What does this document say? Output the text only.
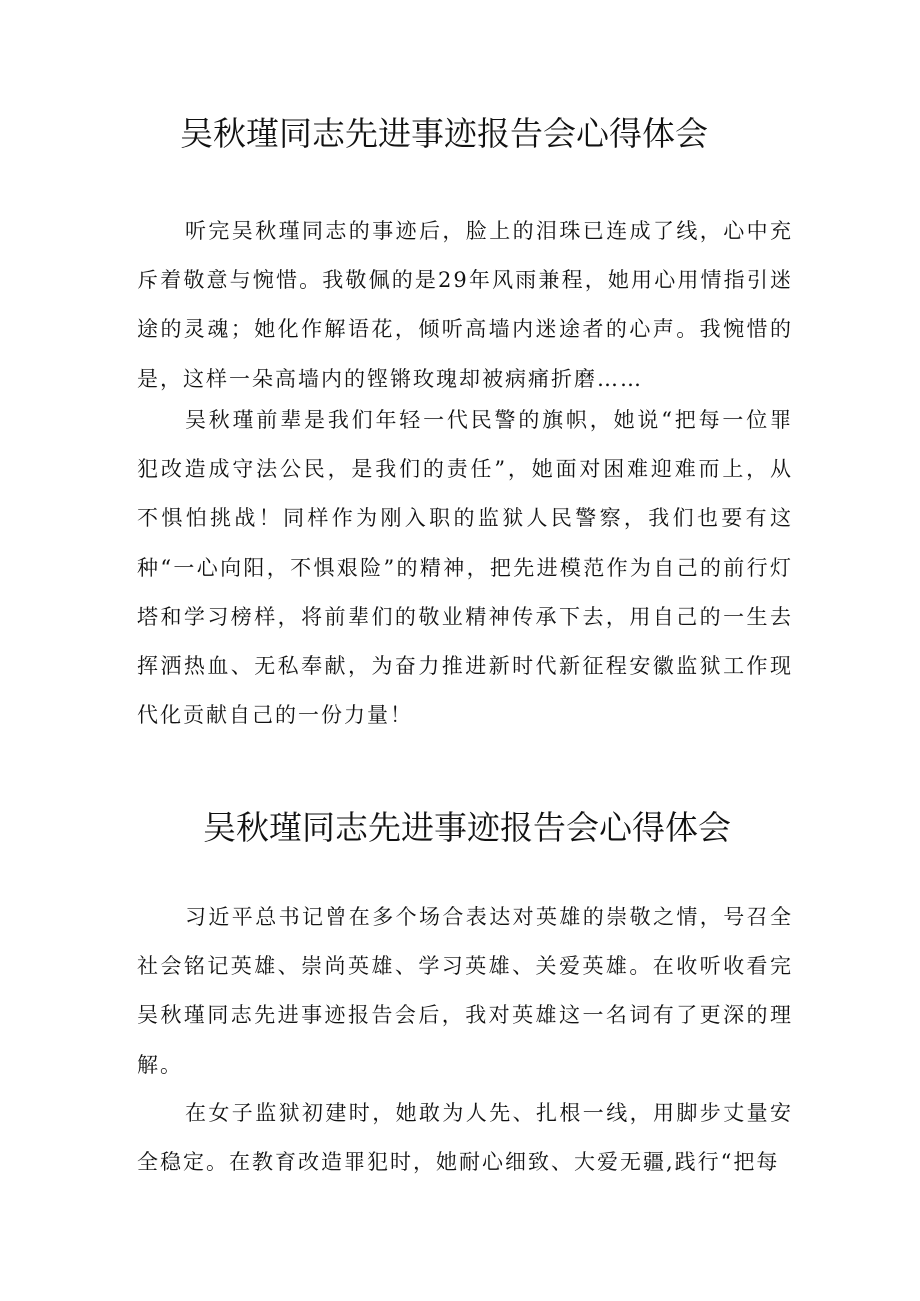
吴秋瑾同志先进事迹报告会心得体会

听完吴秋瑾同志的事迹后，脸上的泪珠已连成了线，心中充斥着敬意与惋惜。我敬佩的是29年风雨兼程，她用心用情指引迷途的灵魂；她化作解语花，倾听高墙内迷途者的心声。我惋惜的是，这样一朵高墙内的铿锵玫瑰却被病痛折磨……

吴秋瑾前辈是我们年轻一代民警的旗帜，她说“把每一位罪犯改造成守法公民，是我们的责任”，她面对困难迎难而上，从不惧怕挑战！同样作为刚入职的监狱人民警察，我们也要有这种“一心向阳，不惧艰险”的精神，把先进模范作为自己的前行灯塔和学习榜样，将前辈们的敬业精神传承下去，用自己的一生去挥洒热血、无私奉献，为奋力推进新时代新征程安徽监狱工作现代化贡献自己的一份力量！

吴秋瑾同志先进事迹报告会心得体会

习近平总书记曾在多个场合表达对英雄的崇敬之情，号召全社会铭记英雄、崇尚英雄、学习英雄、关爱英雄。在收听收看完吴秋瑾同志先进事迹报告会后，我对英雄这一名词有了更深的理解。

在女子监狱初建时，她敢为人先、扎根一线，用脚步丈量安全稳定。在教育改造罪犯时，她耐心细致、大爱无疆,践行“把每
